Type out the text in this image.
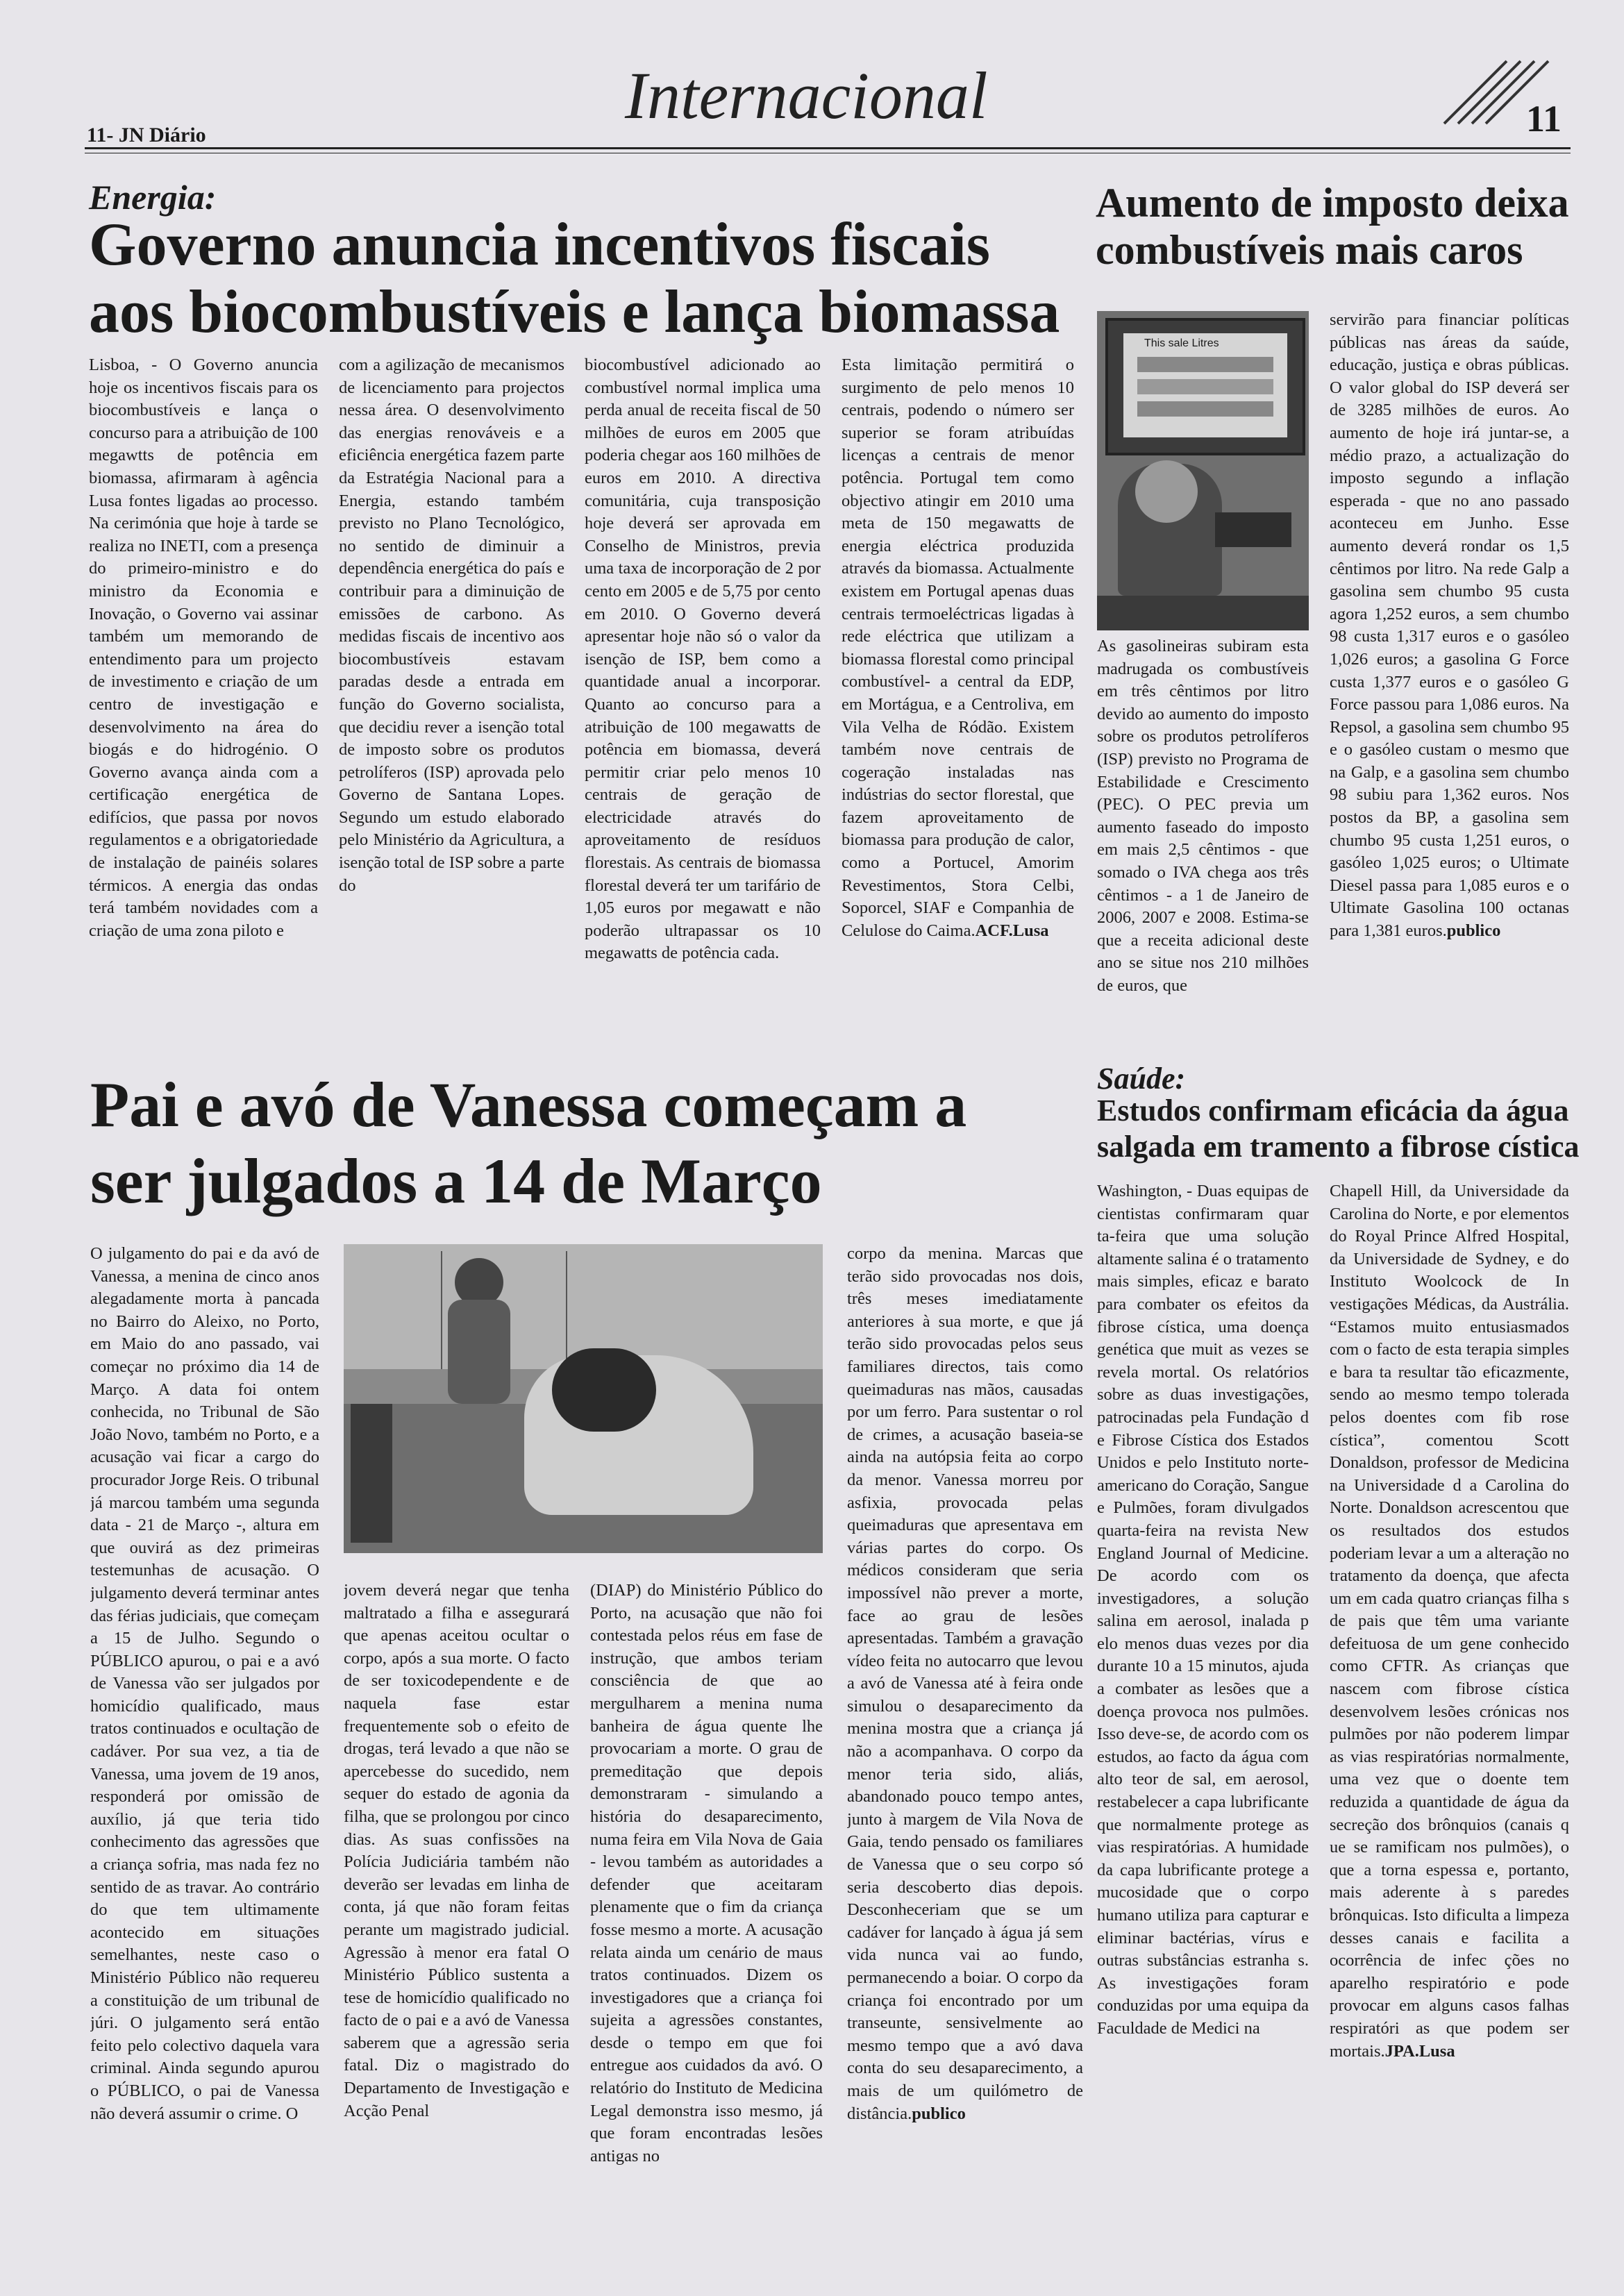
11- JN Diário
Internacional	11
Energia:
Governo anuncia incentivos fiscais
aos biocombustíveis e lança biomassa

Lisboa, - O Governo anuncia hoje os incentivos fiscais para os biocombustíveis e lança o concurso para a atribuição de 100 megawtts de potência em biomassa, afirmaram à agência Lusa fontes ligadas ao processo. Na cerimónia que hoje à tarde se realiza no INETI, com a presença do primeiro-ministro e do ministro da Economia e Inovação, o Governo vai assinar também um memorando de entendimento para um projecto de investimento e criação de um centro de investigação e desenvolvimento na área do biogás e do hidrogénio. O Governo avança ainda com a certificação energética de edifícios, que passa por novos regulamentos e a obrigatoriedade de instalação de painéis solares térmicos. A energia das ondas terá também novidades com a criação de uma zona piloto e

com a agilização de mecanismos de licenciamento para projectos nessa área. O desenvolvimento das energias renováveis e a eficiência energética fazem parte da Estratégia Nacional para a Energia, estando também previsto no Plano Tecnológico, no sentido de diminuir a dependência energética do país e contribuir para a diminuição de emissões de carbono. As medidas fiscais de incentivo aos biocombustíveis estavam paradas desde a entrada em função do Governo socialista, que decidiu rever a isenção total de imposto sobre os produtos petrolíferos (ISP) aprovada pelo Governo de Santana Lopes. Segundo um estudo elaborado pelo Ministério da Agricultura, a isenção total de ISP sobre a parte do

biocombustível adicionado ao combustível normal implica uma perda anual de receita fiscal de 50 milhões de euros em 2005 que poderia chegar aos 160 milhões de euros em 2010. A directiva comunitária, cuja transposição hoje deverá ser aprovada em Conselho de Ministros, previa uma taxa de incorporação de 2 por cento em 2005 e de 5,75 por cento em 2010. O Governo deverá apresentar hoje não só o valor da isenção de ISP, bem como a quantidade anual a incorporar. Quanto ao concurso para a atribuição de 100 megawatts de potência em biomassa, deverá permitir criar pelo menos 10 centrais de geração de electricidade através do aproveitamento de resíduos florestais. As centrais de biomassa florestal deverá ter um tarifário de 1,05 euros por megawatt e não poderão ultrapassar os 10 megawatts de potência cada.

Esta limitação permitirá o surgimento de pelo menos 10 centrais, podendo o número ser superior se foram atribuídas licenças a centrais de menor potência. Portugal tem como objectivo atingir em 2010 uma meta de 150 megawatts de energia eléctrica produzida através da biomassa. Actualmente existem em Portugal apenas duas centrais termoeléctricas ligadas à rede eléctrica que utilizam a biomassa florestal como principal combustível- a central da EDP, em Mortágua, e a Centroliva, em Vila Velha de Ródão. Existem também nove centrais de cogeração instaladas nas indústrias do sector florestal, que fazem aproveitamento de biomassa para produção de calor, como a Portucel, Amorim Revestimentos, Stora Celbi, Soporcel, SIAF e Companhia de Celulose do Caima.ACF.Lusa

Aumento de imposto deixa
combustíveis mais caros
This sale Litres

As gasolineiras subiram esta madrugada os combustíveis em três cêntimos por litro devido ao aumento do imposto sobre os produtos petrolíferos (ISP) previsto no Programa de Estabilidade e Crescimento (PEC). O PEC previa um aumento faseado do imposto em mais 2,5 cêntimos - que somado o IVA chega aos três cêntimos - a 1 de Janeiro de 2006, 2007 e 2008. Estima-se que a receita adicional deste ano se situe nos 210 milhões de euros, que

servirão para financiar políticas públicas nas áreas da saúde, educação, justiça e obras públicas. O valor global do ISP deverá ser de 3285 milhões de euros. Ao aumento de hoje irá juntar-se, a médio prazo, a actualização do imposto segundo a inflação esperada - que no ano passado aconteceu em Junho. Esse aumento deverá rondar os 1,5 cêntimos por litro. Na rede Galp a gasolina sem chumbo 95 custa agora 1,252 euros, a sem chumbo 98 custa 1,317 euros e o gasóleo 1,026 euros; a gasolina G Force custa 1,377 euros e o gasóleo G Force passou para 1,086 euros. Na Repsol, a gasolina sem chumbo 95 e o gasóleo custam o mesmo que na Galp, e a gasolina sem chumbo 98 subiu para 1,362 euros. Nos postos da BP, a gasolina sem chumbo 95 custa 1,251 euros, o gasóleo 1,025 euros; o Ultimate Diesel passa para 1,085 euros e o Ultimate Gasolina 100 octanas para 1,381 euros.publico

Pai e avó de Vanessa começam a
ser julgados a 14 de Março

O julgamento do pai e da avó de Vanessa, a menina de cinco anos alegadamente morta à pancada no Bairro do Aleixo, no Porto, em Maio do ano passado, vai começar no próximo dia 14 de Março. A data foi ontem conhecida, no Tribunal de São João Novo, também no Porto, e a acusação vai ficar a cargo do procurador Jorge Reis. O tribunal já marcou também uma segunda data - 21 de Março -, altura em que ouvirá as dez primeiras testemunhas de acusação. O julgamento deverá terminar antes das férias judiciais, que começam a 15 de Julho. Segundo o PÚBLICO apurou, o pai e a avó de Vanessa vão ser julgados por homicídio qualificado, maus tratos continuados e ocultação de cadáver. Por sua vez, a tia de Vanessa, uma jovem de 19 anos, responderá por omissão de auxílio, já que teria tido conhecimento das agressões que a criança sofria, mas nada fez no sentido de as travar. Ao contrário do que tem ultimamente acontecido em situações semelhantes, neste caso o Ministério Público não requereu a constituição de um tribunal de júri. O julgamento será então feito pelo colectivo daquela vara criminal. Ainda segundo apurou o PÚBLICO, o pai de Vanessa não deverá assumir o crime. O

jovem deverá negar que tenha maltratado a filha e assegurará que apenas aceitou ocultar o corpo, após a sua morte. O facto de ser toxicodependente e de naquela fase estar frequentemente sob o efeito de drogas, terá levado a que não se apercebesse do sucedido, nem sequer do estado de agonia da filha, que se prolongou por cinco dias. As suas confissões na Polícia Judiciária também não deverão ser levadas em linha de conta, já que não foram feitas perante um magistrado judicial. Agressão à menor era fatal O Ministério Público sustenta a tese de homicídio qualificado no facto de o pai e a avó de Vanessa saberem que a agressão seria fatal. Diz o magistrado do Departamento de Investigação e Acção Penal

(DIAP) do Ministério Público do Porto, na acusação que não foi contestada pelos réus em fase de instrução, que ambos teriam consciência de que ao mergulharem a menina numa banheira de água quente lhe provocariam a morte. O grau de premeditação que depois demonstraram - simulando a história do desaparecimento, numa feira em Vila Nova de Gaia - levou também as autoridades a defender que aceitaram plenamente que o fim da criança fosse mesmo a morte. A acusação relata ainda um cenário de maus tratos continuados. Dizem os investigadores que a criança foi sujeita a agressões constantes, desde o tempo em que foi entregue aos cuidados da avó. O relatório do Instituto de Medicina Legal demonstra isso mesmo, já que foram encontradas lesões antigas no

corpo da menina. Marcas que terão sido provocadas nos dois, três meses imediatamente anteriores à sua morte, e que já terão sido provocadas pelos seus familiares directos, tais como queimaduras nas mãos, causadas por um ferro. Para sustentar o rol de crimes, a acusação baseia-se ainda na autópsia feita ao corpo da menor. Vanessa morreu por asfixia, provocada pelas queimaduras que apresentava em várias partes do corpo. Os médicos consideram que seria impossível não prever a morte, face ao grau de lesões apresentadas. Também a gravação vídeo feita no autocarro que levou a avó de Vanessa até à feira onde simulou o desaparecimento da menina mostra que a criança já não a acompanhava. O corpo da menor teria sido, aliás, abandonado pouco tempo antes, junto à margem de Vila Nova de Gaia, tendo pensado os familiares de Vanessa que o seu corpo só seria descoberto dias depois. Desconheceriam que se um cadáver for lançado à água já sem vida nunca vai ao fundo, permanecendo a boiar. O corpo da criança foi encontrado por um transeunte, sensivelmente ao mesmo tempo que a avó dava conta do seu desaparecimento, a mais de um quilómetro de distância.publico

Saúde:
Estudos confirmam eficácia da água
salgada em tramento a fibrose cística

Washington, - Duas equipas de cientistas confirmaram quar ta-feira que uma solução altamente salina é o tratamento mais simples, eficaz e barato para combater os efeitos da fibrose cística, uma doença genética que muit as vezes se revela mortal. Os relatórios sobre as duas investigações, patrocinadas pela Fundação d e Fibrose Cística dos Estados Unidos e pelo Instituto norte-americano do Coração, Sangue e Pulmões, foram divulgados quarta-feira na revista New England Journal of Medicine. De acordo com os investigadores, a solução salina em aerosol, inalada p elo menos duas vezes por dia durante 10 a 15 minutos, ajuda a combater as lesões que a doença provoca nos pulmões. Isso deve-se, de acordo com os estudos, ao facto da água com alto teor de sal, em aerosol, restabelecer a capa lubrificante que normalmente protege as vias respiratórias. A humidade da capa lubrificante protege a mucosidade que o corpo humano utiliza para capturar e eliminar bactérias, vírus e outras substâncias estranha s. As investigações foram conduzidas por uma equipa da Faculdade de Medici na

Chapell Hill, da Universidade da Carolina do Norte, e por elementos do Royal Prince Alfred Hospital, da Universidade de Sydney, e do Instituto Woolcock de In vestigações Médicas, da Austrália. “Estamos muito entusiasmados com o facto de esta terapia simples e bara ta resultar tão eficazmente, sendo ao mesmo tempo tolerada pelos doentes com fib rose cística”, comentou Scott Donaldson, professor de Medicina na Universidade d a Carolina do Norte. Donaldson acrescentou que os resultados dos estudos poderiam levar a um a alteração no tratamento da doença, que afecta um em cada quatro crianças filha s de pais que têm uma variante defeituosa de um gene conhecido como CFTR. As crianças que nascem com fibrose cística desenvolvem lesões crónicas nos pulmões por não poderem limpar as vias respiratórias normalmente, uma vez que o doente tem reduzida a quantidade de água da secreção dos brônquios (canais q ue se ramificam nos pulmões), o que a torna espessa e, portanto, mais aderente à s paredes brônquicas. Isto dificulta a limpeza desses canais e facilita a ocorrência de infec ções no aparelho respiratório e pode provocar em alguns casos falhas respiratóri as que podem ser mortais.JPA.Lusa
